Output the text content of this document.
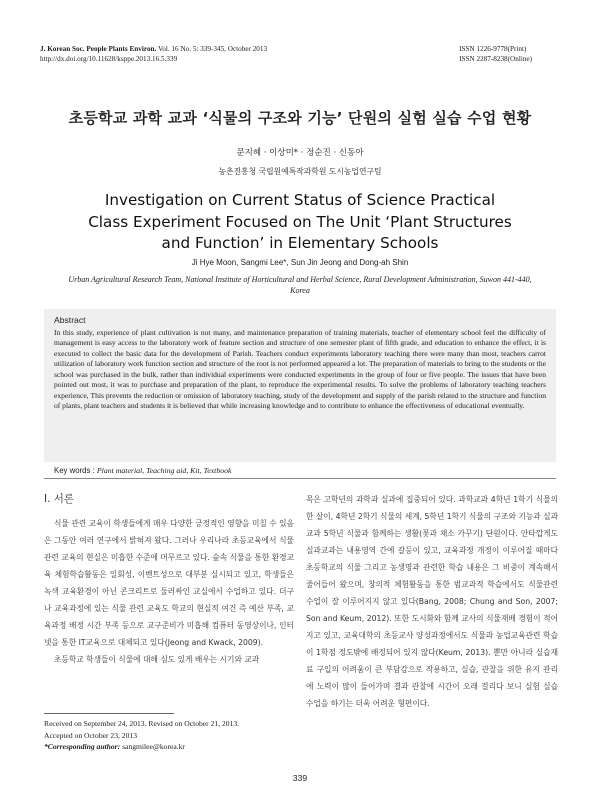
J. Korean Soc. People Plants Environ. Vol. 16 No. 5: 339-345, October 2013
http://dx.doi.org/10.11628/ksppe.2013.16.5.339
ISSN 1226-9778(Print)
ISSN 2287-8238(Online)
초등학교 과학 교과 ‘식물의 구조와 기능’ 단원의 실험 실습 수업 현황
문지혜 · 이상미* · 정순진 · 신동아
농촌진흥청 국립원예특작과학원 도시농업연구팀
Investigation on Current Status of Science Practical
Class Experiment Focused on The Unit ‘Plant Structures
and Function’ in Elementary Schools
Ji Hye Moon, Sangmi Lee*, Sun Jin Jeong and Dong-ah Shin
Urban Agricultural Research Team, National Institute of Horticultural and Herbal Science, Rural Development Administration, Suwon 441-440, Korea
Abstract
In this study, experience of plant cultivation is not many, and maintenance preparation of training materials, teacher of elementary school feel the difficulty of management is easy access to the laboratory work of feature section and structure of one semester plant of fifth grade, and education to enhance the effect, it is executed to collect the basic data for the development of Parish. Teachers conduct experiments laboratory teaching there were many than most, teachers carrot utilization of laboratory work function section and structure of the root is not performed appeared a lot. The preparation of materials to bring to the students or the school was purchased in the bulk, rather than individual experiments were conducted experiments in the group of four or five people. The issues that have been pointed out most, it was to purchase and preparation of the plant, to reproduce the experimental results. To solve the problems of laboratory teaching teachers experience, This prevents the reduction or omission of laboratory teaching, study of the development and supply of the parish related to the structure and function of plants, plant teachers and students it is believed that while increasing knowledge and to contribute to enhance the effectiveness of educational eventually.
Key words : Plant material, Teaching aid, Kit, Textbook
Ⅰ. 서론

식물 관련 교육이 학생들에게 매우 다양한 긍정적인 영향을 미칠 수 있음은 그동안 여러 연구에서 밝혀져 왔다. 그러나 우리나라 초등교육에서 식물관련 교육의 현실은 미흡한 수준에 머무르고 있다. 숲속 식물을 통한 환경교육 체험학습활동은 일회성, 이벤트성으로 대부분 실시되고 있고, 학생들은 녹색 교육환경이 아닌 콘크리트로 둘러싸인 교실에서 수업하고 있다. 더구나 교육과정에 있는 식물 관련 교육도 학교의 현실적 여건 즉 예산 부족, 교육과정 배정 시간 부족 등으로 교구준비가 미흡해 컴퓨터 동영상이나, 인터넷을 통한 IT교육으로 대체되고 있다(Jeong and Kwack, 2009).

초등학교 학생들이 식물에 대해 심도 있게 배우는 시기와 교과

목은 고학년의 과학과 실과에 집중되어 있다. 과학교과 4학년 1학기 식물의 한 살이, 4학년 2학기 식물의 세계, 5학년 1학기 식물의 구조와 기능과 실과 교과 5학년 식물과 함께하는 생활(꽃과 채소 가꾸기) 단원이다. 안타깝게도 실과교과는 내용영역 간에 갈등이 있고, 교육과정 개정이 이루어질 때마다 초등학교의 식물 그리고 농생명과 관련한 학습 내용은 그 비중이 계속해서 줄어들어 왔으며, 창의적 체험활동을 통한 범교과적 학습에서도 식물관련 수업이 잘 이루어지지 않고 있다(Bang, 2008; Chung and Son, 2007; Son and Keum, 2012). 또한 도시화와 함께 교사의 식물재배 경험이 적어지고 있고, 교육대학의 초등교사 양성과정에서도 식물과 농업교육관련 학습이 1학점 정도밖에 배정되어 있지 않다(Keum, 2013). 뿐만 아니라 실습재료 구입의 어려움이 큰 부담감으로 작용하고, 실습, 관찰을 위한 유지 관리에 노력이 많이 들어가며 결과 관찰에 시간이 오래 걸리다 보니 실험 실습 수업을 하기는 더욱 어려운 형편이다.

Received on September 24, 2013. Revised on October 21, 2013.
Accepted on October 23, 2013
*Corresponding author: sangmilee@korea.kr
339
